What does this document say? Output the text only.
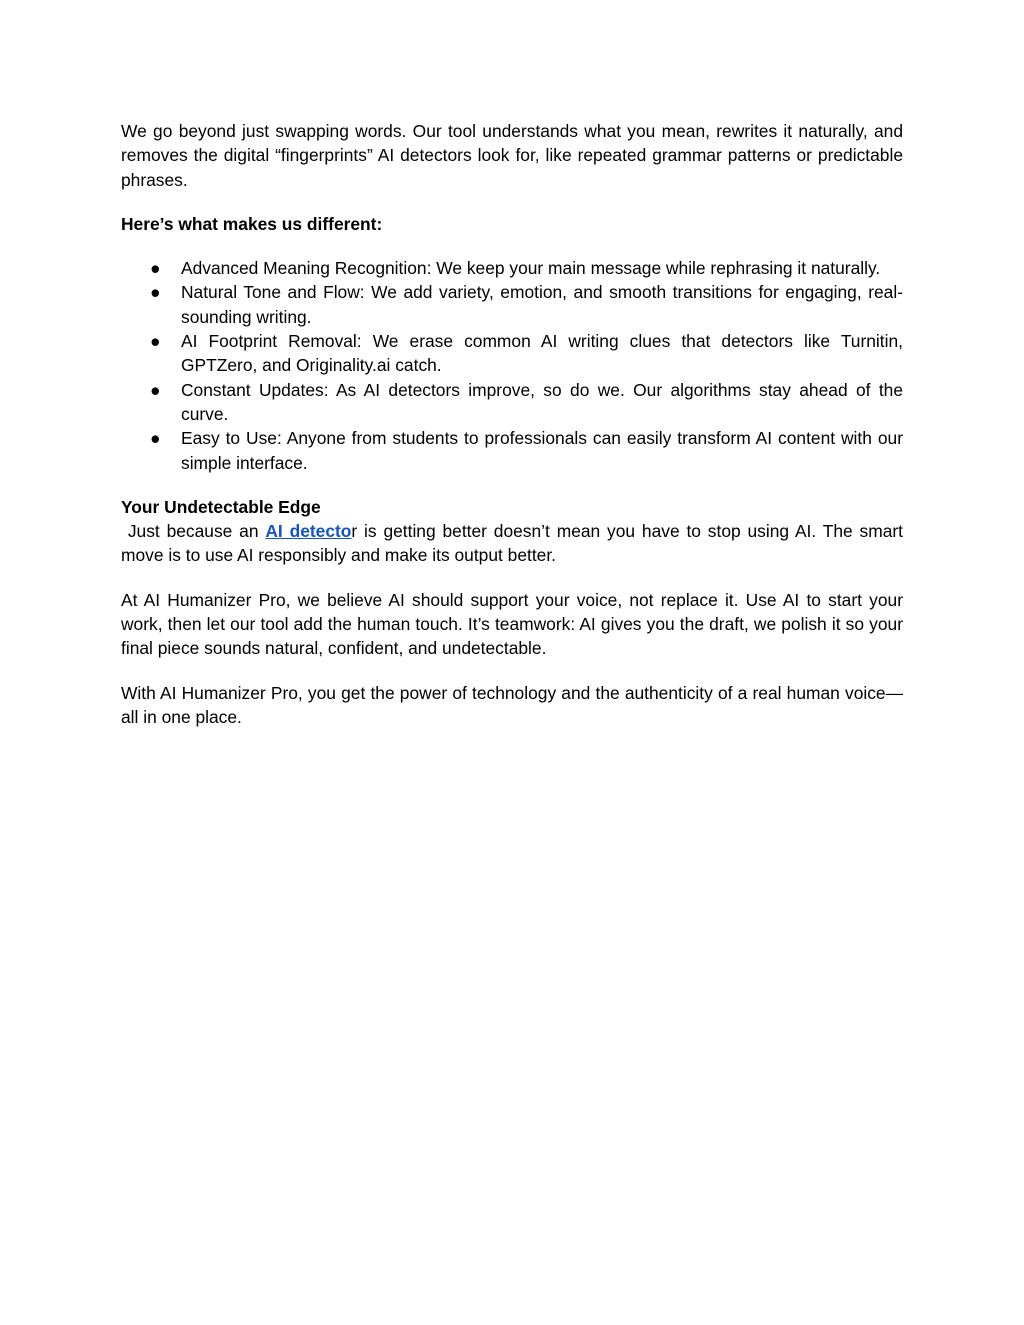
We go beyond just swapping words. Our tool understands what you mean, rewrites it naturally, and removes the digital “fingerprints” AI detectors look for, like repeated grammar patterns or predictable phrases.

Here’s what makes us different:

● Advanced Meaning Recognition: We keep your main message while rephrasing it naturally.
● Natural Tone and Flow: We add variety, emotion, and smooth transitions for engaging, real-sounding writing.
● AI Footprint Removal: We erase common AI writing clues that detectors like Turnitin, GPTZero, and Originality.ai catch.
● Constant Updates: As AI detectors improve, so do we. Our algorithms stay ahead of the curve.
● Easy to Use: Anyone from students to professionals can easily transform AI content with our simple interface.
Your Undetectable Edge

Just because an AI detector is getting better doesn’t mean you have to stop using AI. The smart move is to use AI responsibly and make its output better.

At AI Humanizer Pro, we believe AI should support your voice, not replace it. Use AI to start your work, then let our tool add the human touch. It’s teamwork: AI gives you the draft, we polish it so your final piece sounds natural, confident, and undetectable.

With AI Humanizer Pro, you get the power of technology and the authenticity of a real human voice—all in one place.
